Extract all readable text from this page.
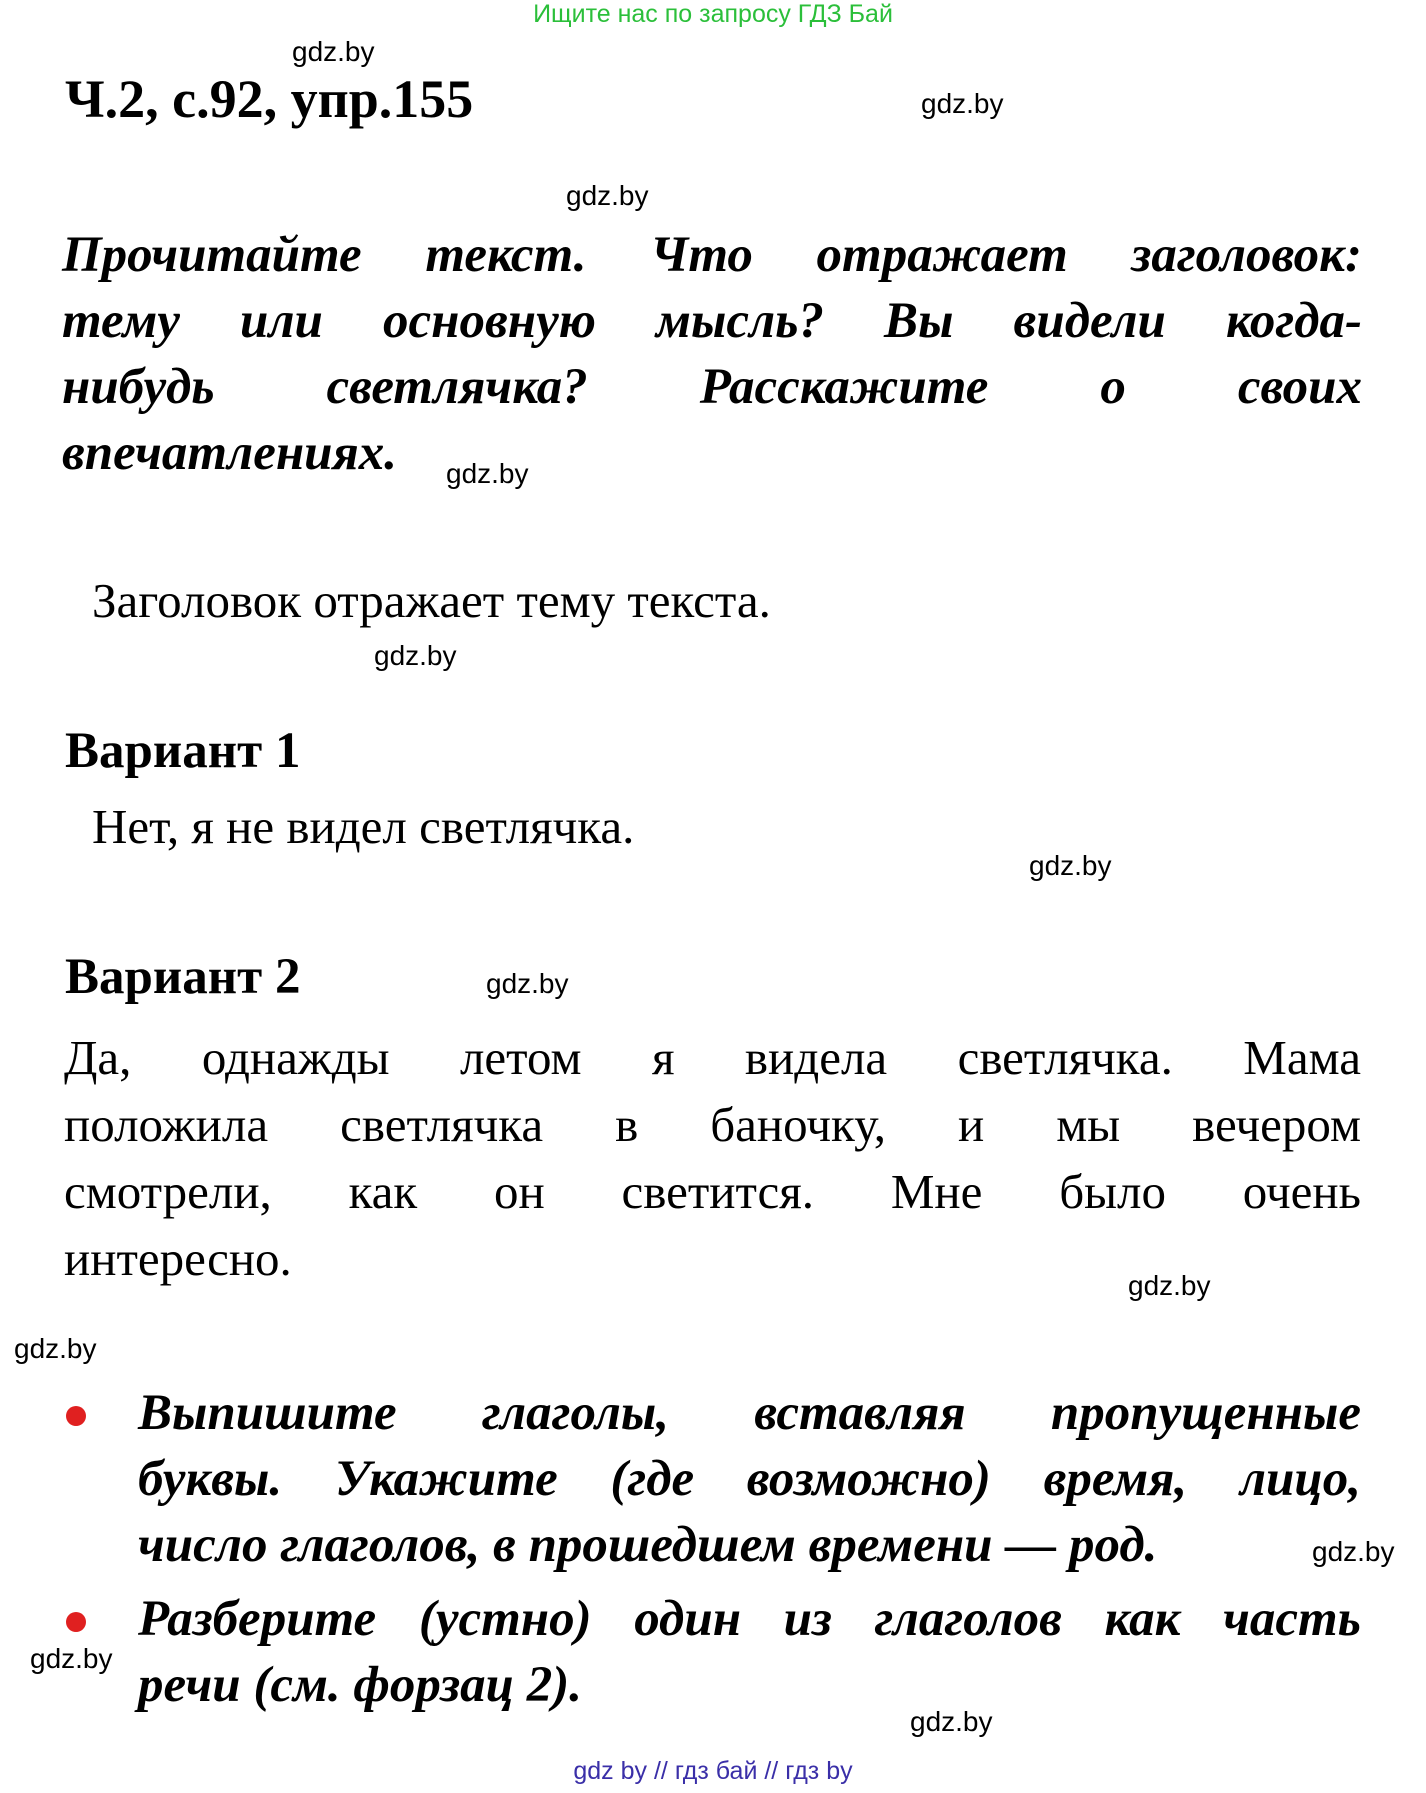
Ищите нас по запросу ГДЗ Бай
Ч.2, с.92, упр.155
Прочитайте текст. Что отражает заголовок:
тему или основную мысль? Вы видели когда-
нибудь светлячка? Расскажите о своих
впечатлениях.
Заголовок отражает тему текста.
Вариант 1
Нет, я не видел светлячка.
Вариант 2
Да, однажды летом я видела светлячка. Мама
положила светлячка в баночку, и мы вечером
смотрели, как он светится. Мне было очень
интересно.
Выпишите глаголы, вставляя пропущенные
буквы. Укажите (где возможно) время, лицо,
число глаголов, в прошедшем времени — род.
Разберите (устно) один из глаголов как часть
речи (см. форзац 2).
gdz.by
gdz.by
gdz.by
gdz.by
gdz.by
gdz.by
gdz.by
gdz.by
gdz.by
gdz.by
gdz.by
gdz.by
gdz by // гдз бай // гдз by
